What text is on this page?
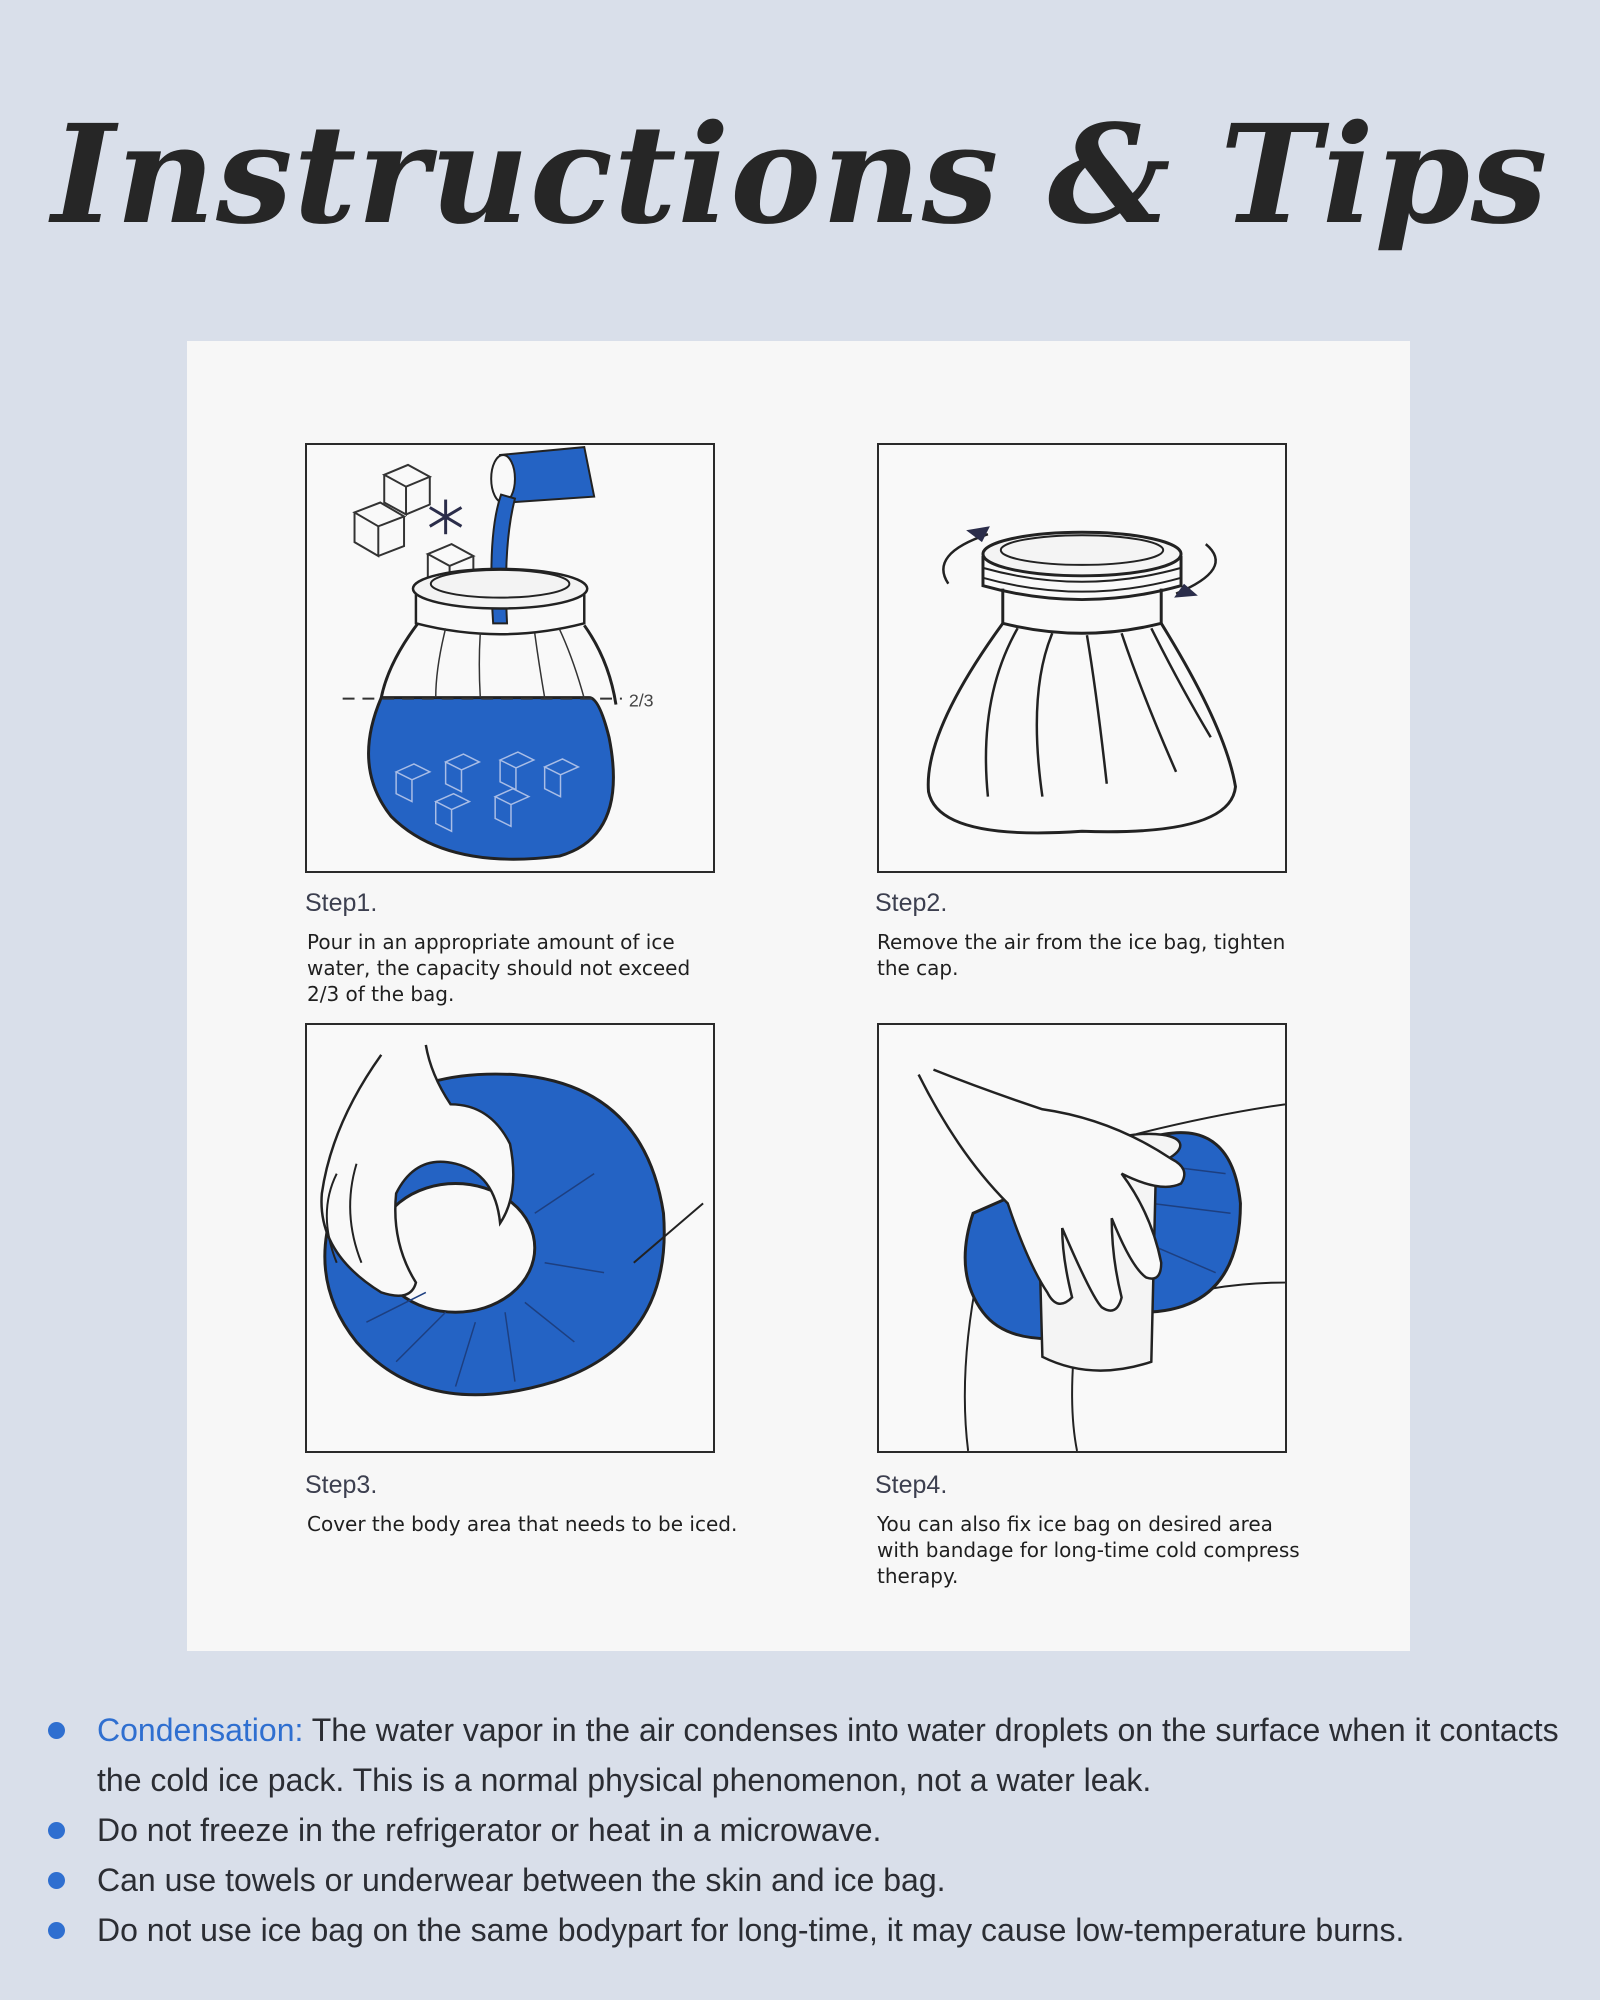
Instructions & Tips
2/3
Step1.
Pour in an appropriate amount of ice water, the capacity should not exceed 2/3 of the bag.
Step2.
Remove the air from the ice bag, tighten the cap.
Step3.
Cover the body area that needs to be iced.
Step4.
You can also fix ice bag on desired area with bandage for long-time cold compress therapy.
Condensation: The water vapor in the air condenses into water droplets on the surface when it contacts the cold ice pack. This is a normal physical phenomenon, not a water leak.
Do not freeze in the refrigerator or heat in a microwave.
Can use towels or underwear between the skin and ice bag.
Do not use ice bag on the same bodypart for long-time, it may cause low-temperature burns.
